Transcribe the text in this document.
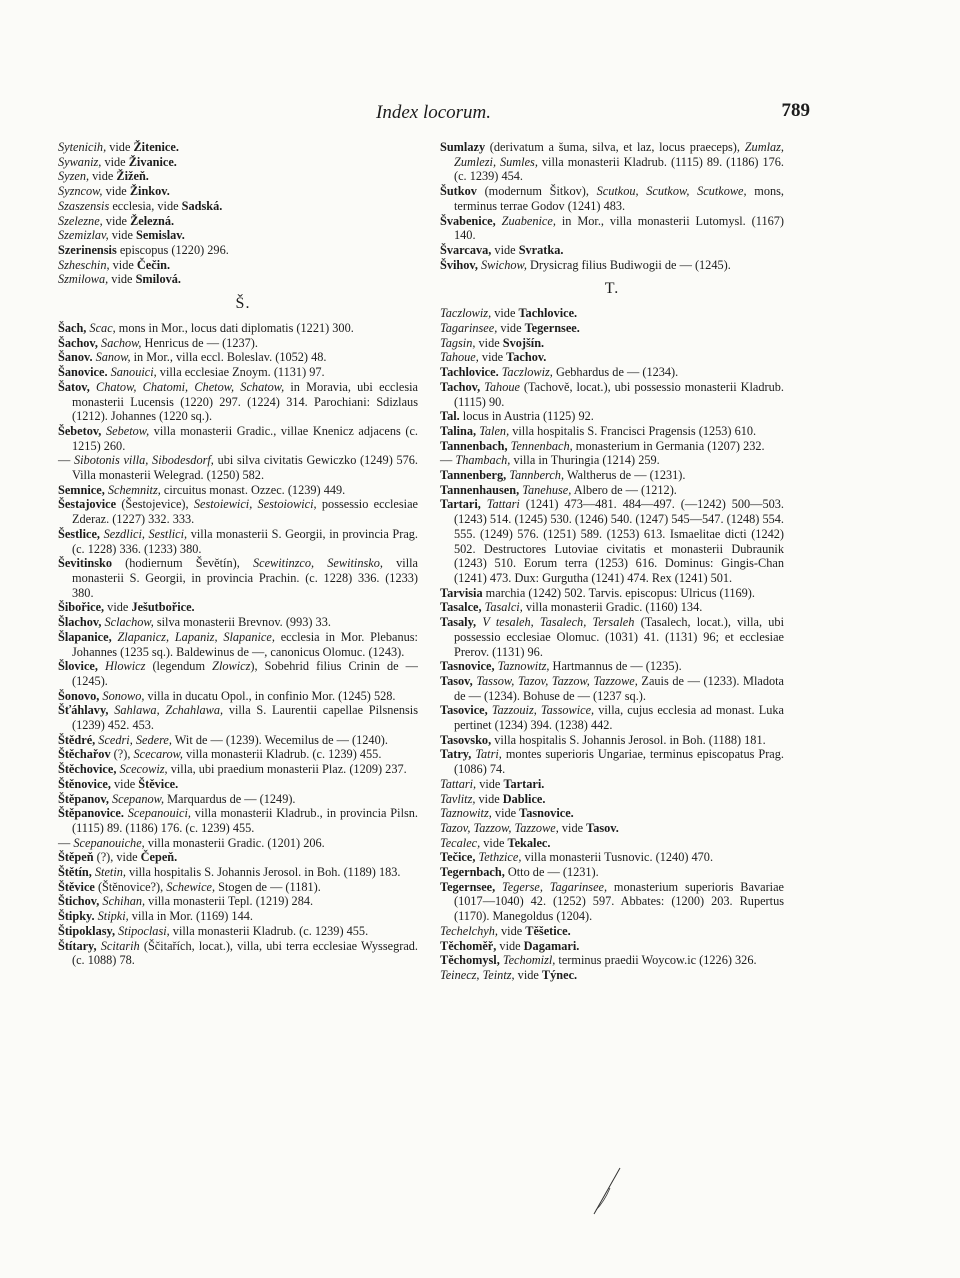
Index locorum.	789

Sytenicih, vide Žitenice.

Sywaniz, vide Živanice.

Syzen, vide Žižeň.

Syzncow, vide Žinkov.

Szaszensis ecclesia, vide Sadská.

Szelezne, vide Železná.

Szemizlav, vide Semislav.

Szerinensis episcopus (1220) 296.

Szheschin, vide Čečin.

Szmilowa, vide Smilová.

Š.

Šach, Scac, mons in Mor., locus dati diplomatis (1221) 300.

Šachov, Sachow, Henricus de — (1237).

Šanov. Sanow, in Mor., villa eccl. Boleslav. (1052) 48.

Šanovice. Sanouici, villa ecclesiae Znoym. (1131) 97.

Šatov, Chatow, Chatomi, Chetow, Schatow, in Moravia, ubi ecclesia monasterii Lucensis (1220) 297. (1224) 314. Parochiani: Sdizlaus (1212). Johannes (1220 sq.).

Šebetov, Sebetow, villa monasterii Gradic., villae Knenicz adjacens (c. 1215) 260.

— Sibotonis villa, Sibodesdorf, ubi silva civitatis Gewiczko (1249) 576. Villa monasterii Welegrad. (1250) 582.

Semnice, Schemnitz, circuitus monast. Ozzec. (1239) 449.

Šestajovice (Šestojevice), Sestoiewici, Sestoiowici, possessio ecclesiae Zderaz. (1227) 332. 333.

Šestlice, Sezdlici, Sestlici, villa monasterii S. Georgii, in provincia Prag. (c. 1228) 336. (1233) 380.

Ševitinsko (hodiernum Ševětín), Scewitinzco, Sewitinsko, villa monasterii S. Georgii, in provincia Prachin. (c. 1228) 336. (1233) 380.

Šibořice, vide Ješutbořice.

Šlachov, Sclachow, silva monasterii Brevnov. (993) 33.

Šlapanice, Zlapanicz, Lapaniz, Slapanice, ecclesia in Mor. Plebanus: Johannes (1235 sq.). Baldewinus de —, canonicus Olomuc. (1243).

Šlovice, Hlowicz (legendum Zlowicz), Sobehrid filius Crinin de — (1245).

Šonovo, Sonowo, villa in ducatu Opol., in confinio Mor. (1245) 528.

Šťáhlavy, Sahlawa, Zchahlawa, villa S. Laurentii capellae Pilsnensis (1239) 452. 453.

Štědré, Scedri, Sedere, Wit de — (1239). Wecemilus de — (1240).

Štěchařov (?), Scecarow, villa monasterii Kladrub. (c. 1239) 455.

Štěchovice, Scecowiz, villa, ubi praedium monasterii Plaz. (1209) 237.

Štěnovice, vide Štěvice.

Štěpanov, Scepanow, Marquardus de — (1249).

Štěpanovice. Scepanouici, villa monasterii Kladrub., in provincia Pilsn. (1115) 89. (1186) 176. (c. 1239) 455.

— Scepanouiche, villa monasterii Gradic. (1201) 206.

Štěpeň (?), vide Čepeň.

Štětín, Stetin, villa hospitalis S. Johannis Jerosol. in Boh. (1189) 183.

Štěvice (Štěnovice?), Schewice, Stogen de — (1181).

Štichov, Schihan, villa monasterii Tepl. (1219) 284.

Štipky. Stipki, villa in Mor. (1169) 144.

Štipoklasy, Stipoclasi, villa monasterii Kladrub. (c. 1239) 455.

Štítary, Scitarih (Ščitařích, locat.), villa, ubi terra ecclesiae Wyssegrad. (c. 1088) 78.

Sumlazy (derivatum a šuma, silva, et laz, locus praeceps), Zumlaz, Zumlezi, Sumles, villa monasterii Kladrub. (1115) 89. (1186) 176. (c. 1239) 454.

Šutkov (modernum Šitkov), Scutkou, Scutkow, Scutkowe, mons, terminus terrae Godov (1241) 483.

Švabenice, Zuabenice, in Mor., villa monasterii Lutomysl. (1167) 140.

Švarcava, vide Svratka.

Švihov, Swichow, Drysicrag filius Budiwogii de — (1245).

T.

Taczlowiz, vide Tachlovice.

Tagarinsee, vide Tegernsee.

Tagsin, vide Svojšín.

Tahoue, vide Tachov.

Tachlovice. Taczlowiz, Gebhardus de — (1234).

Tachov, Tahoue (Tachově, locat.), ubi possessio monasterii Kladrub. (1115) 90.

Tal. locus in Austria (1125) 92.

Talina, Talen, villa hospitalis S. Francisci Pragensis (1253) 610.

Tannenbach, Tennenbach, monasterium in Germania (1207) 232.

— Thambach, villa in Thuringia (1214) 259.

Tannenberg, Tannberch, Waltherus de — (1231).

Tannenhausen, Tanehuse, Albero de — (1212).

Tartari, Tattari (1241) 473—481. 484—497. (—1242) 500—503. (1243) 514. (1245) 530. (1246) 540. (1247) 545—547. (1248) 554. 555. (1249) 576. (1251) 589. (1253) 613. Ismaelitae dicti (1242) 502. Destructores Lutoviae civitatis et monasterii Dubraunik (1243) 510. Eorum terra (1253) 616. Dominus: Gingis-Chan (1241) 473. Dux: Gurgutha (1241) 474. Rex (1241) 501.

Tarvisia marchia (1242) 502. Tarvis. episcopus: Ulricus (1169).

Tasalce, Tasalci, villa monasterii Gradic. (1160) 134.

Tasaly, V tesaleh, Tasalech, Tersaleh (Tasalech, locat.), villa, ubi possessio ecclesiae Olomuc. (1031) 41. (1131) 96; et ecclesiae Prerov. (1131) 96.

Tasnovice, Taznowitz, Hartmannus de — (1235).

Tasov, Tassow, Tazov, Tazzow, Tazzowe, Zauis de — (1233). Mladota de — (1234). Bohuse de — (1237 sq.).

Tasovice, Tazzouiz, Tassowice, villa, cujus ecclesia ad monast. Luka pertinet (1234) 394. (1238) 442.

Tasovsko, villa hospitalis S. Johannis Jerosol. in Boh. (1188) 181.

Tatry, Tatri, montes superioris Ungariae, terminus episcopatus Prag. (1086) 74.

Tattari, vide Tartari.

Tavlitz, vide Dablice.

Taznowitz, vide Tasnovice.

Tazov, Tazzow, Tazzowe, vide Tasov.

Tecalec, vide Tekalec.

Tečice, Tethzice, villa monasterii Tusnovic. (1240) 470.

Tegernbach, Otto de — (1231).

Tegernsee, Tegerse, Tagarinsee, monasterium superioris Bavariae (1017—1040) 42. (1252) 597. Abbates: (1200) 203. Rupertus (1170). Manegoldus (1204).

Techelchyh, vide Těšetice.

Těchoměř, vide Dagamari.

Těchomysl, Techomizl, terminus praedii Woycow.ic (1226) 326.

Teinecz, Teintz, vide Týnec.
